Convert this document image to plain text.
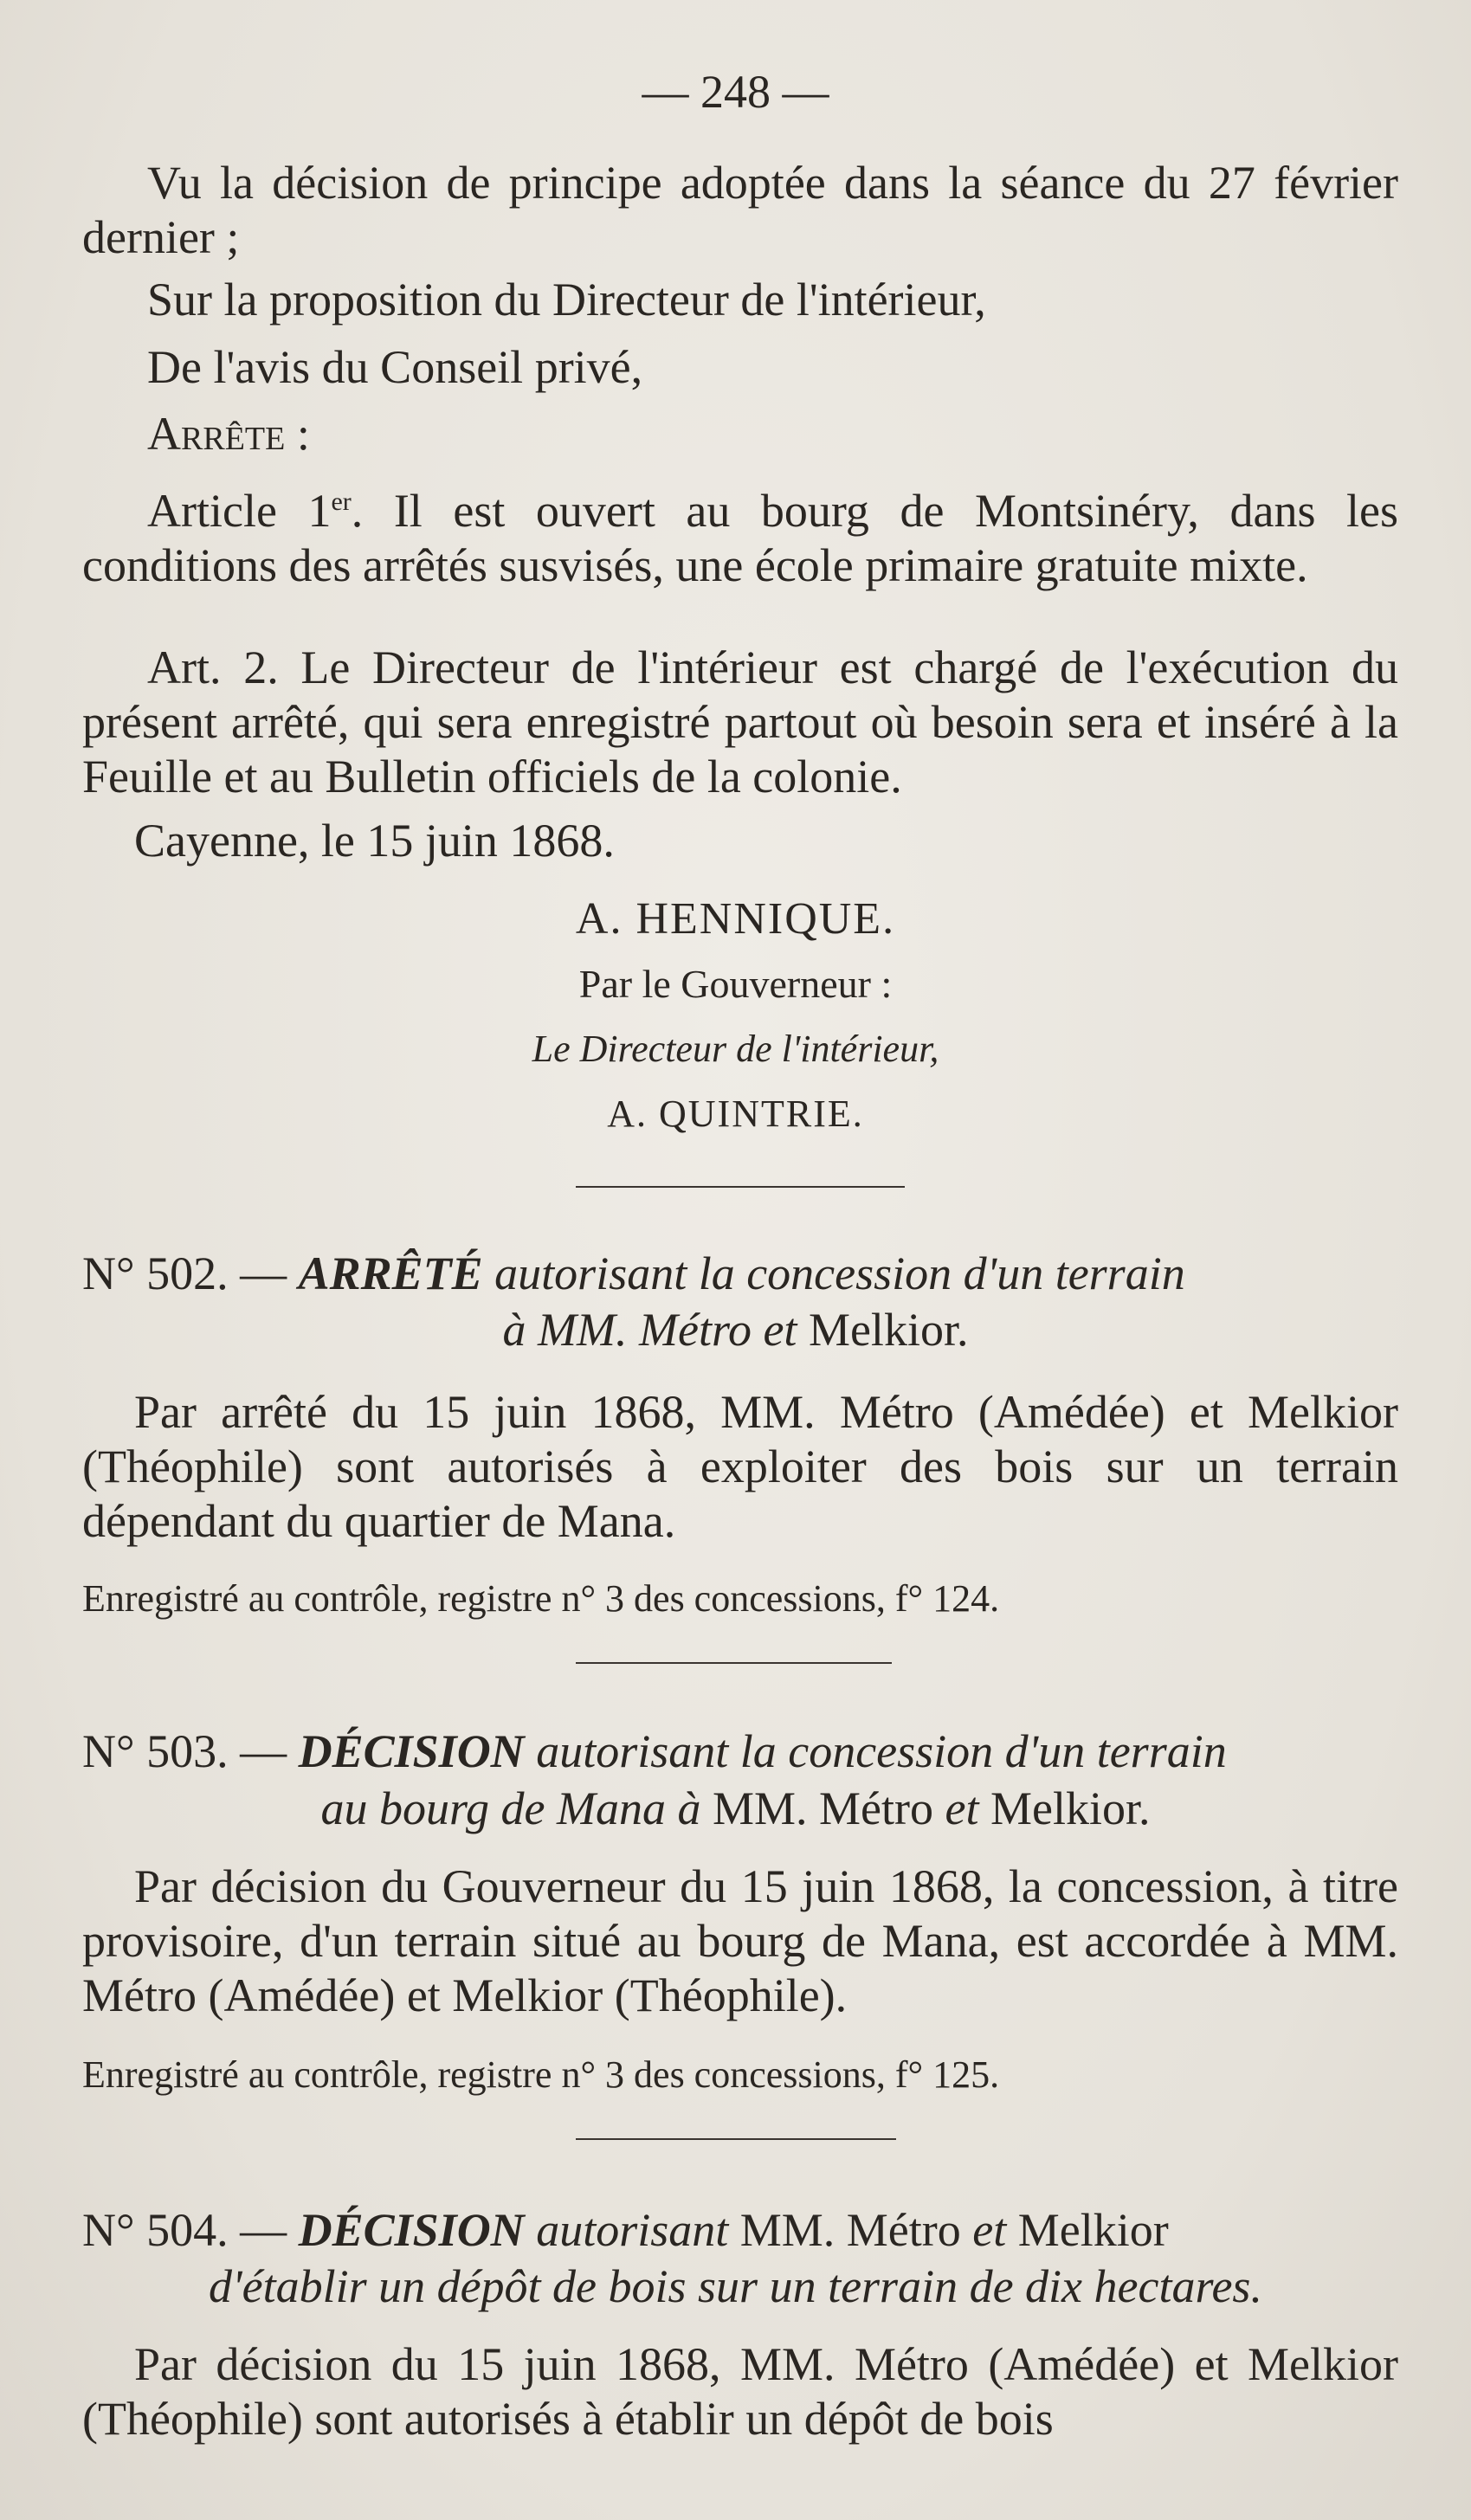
— 248 —
Vu la décision de principe adoptée dans la séance du 27 février dernier ;
Sur la proposition du Directeur de l'intérieur,
De l'avis du Conseil privé,
Arrête :
Article 1er. Il est ouvert au bourg de Montsinéry, dans les conditions des arrêtés susvisés, une école primaire gratuite mixte.
Art. 2. Le Directeur de l'intérieur est chargé de l'exécution du présent arrêté, qui sera enregistré partout où besoin sera et inséré à la Feuille et au Bulletin officiels de la colonie.
Cayenne, le 15 juin 1868.
A. HENNIQUE.
Par le Gouverneur :
Le Directeur de l'intérieur,
A. QUINTRIE.
N° 502. — ARRÊTÉ autorisant la concession d'un terrain
à MM. Métro et Melkior.
Par arrêté du 15 juin 1868, MM. Métro (Amédée) et Melkior (Théophile) sont autorisés à exploiter des bois sur un terrain dépendant du quartier de Mana.
Enregistré au contrôle, registre n° 3 des concessions, f° 124.
N° 503. — DÉCISION autorisant la concession d'un terrain
au bourg de Mana à MM. Métro et Melkior.
Par décision du Gouverneur du 15 juin 1868, la concession, à titre provisoire, d'un terrain situé au bourg de Mana, est accordée à MM. Métro (Amédée) et Melkior (Théophile).
Enregistré au contrôle, registre n° 3 des concessions, f° 125.
N° 504. — DÉCISION autorisant MM. Métro et Melkior
d'établir un dépôt de bois sur un terrain de dix hectares.
Par décision du 15 juin 1868, MM. Métro (Amédée) et Melkior (Théophile) sont autorisés à établir un dépôt de bois
